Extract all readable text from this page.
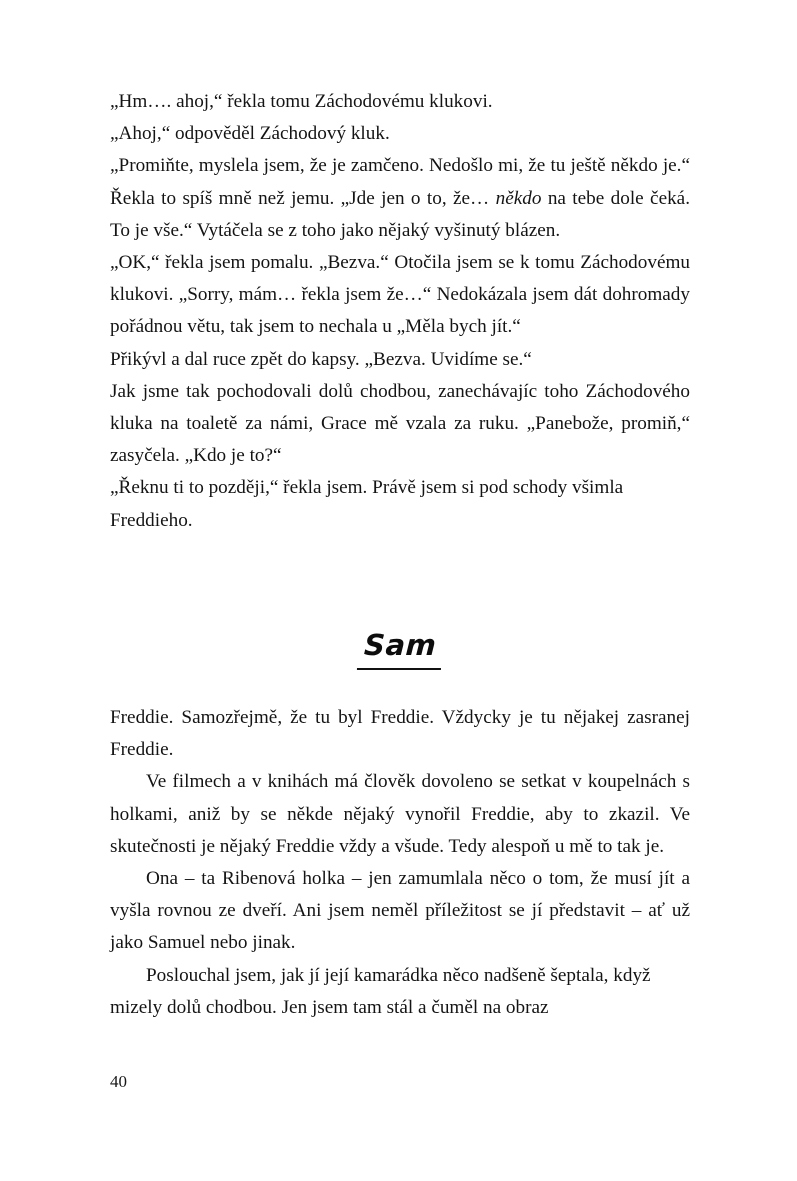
„Hm…. ahoj,“ řekla tomu Záchodovému klukovi.

„Ahoj,“ odpověděl Záchodový kluk.

„Promiňte, myslela jsem, že je zamčeno. Nedošlo mi, že tu ještě někdo je.“ Řekla to spíš mně než jemu. „Jde jen o to, že… někdo na tebe dole čeká. To je vše.“ Vytáčela se z toho jako nějaký vyšinutý blázen.

„OK,“ řekla jsem pomalu. „Bezva.“ Otočila jsem se k tomu Záchodovému klukovi. „Sorry, mám… řekla jsem že…“ Nedokázala jsem dát dohromady pořádnou větu, tak jsem to nechala u „Měla bych jít.“

Přikývl a dal ruce zpět do kapsy. „Bezva. Uvidíme se.“

Jak jsme tak pochodovali dolů chodbou, zanechávajíc toho Záchodového kluka na toaletě za námi, Grace mě vzala za ruku. „Panebože, promiň,“ zasyčela. „Kdo je to?“

„Řeknu ti to později,“ řekla jsem. Právě jsem si pod schody všimla Freddieho.

Sam

Freddie. Samozřejmě, že tu byl Freddie. Vždycky je tu nějakej zasranej Freddie.

Ve filmech a v knihách má člověk dovoleno se setkat v koupelnách s holkami, aniž by se někde nějaký vynořil Freddie, aby to zkazil. Ve skutečnosti je nějaký Freddie vždy a všude. Tedy alespoň u mě to tak je.

Ona – ta Ribenová holka – jen zamumlala něco o tom, že musí jít a vyšla rovnou ze dveří. Ani jsem neměl příležitost se jí představit – ať už jako Samuel nebo jinak.

Poslouchal jsem, jak jí její kamarádka něco nadšeně šeptala, když mizely dolů chodbou. Jen jsem tam stál a čuměl na obraz

40
